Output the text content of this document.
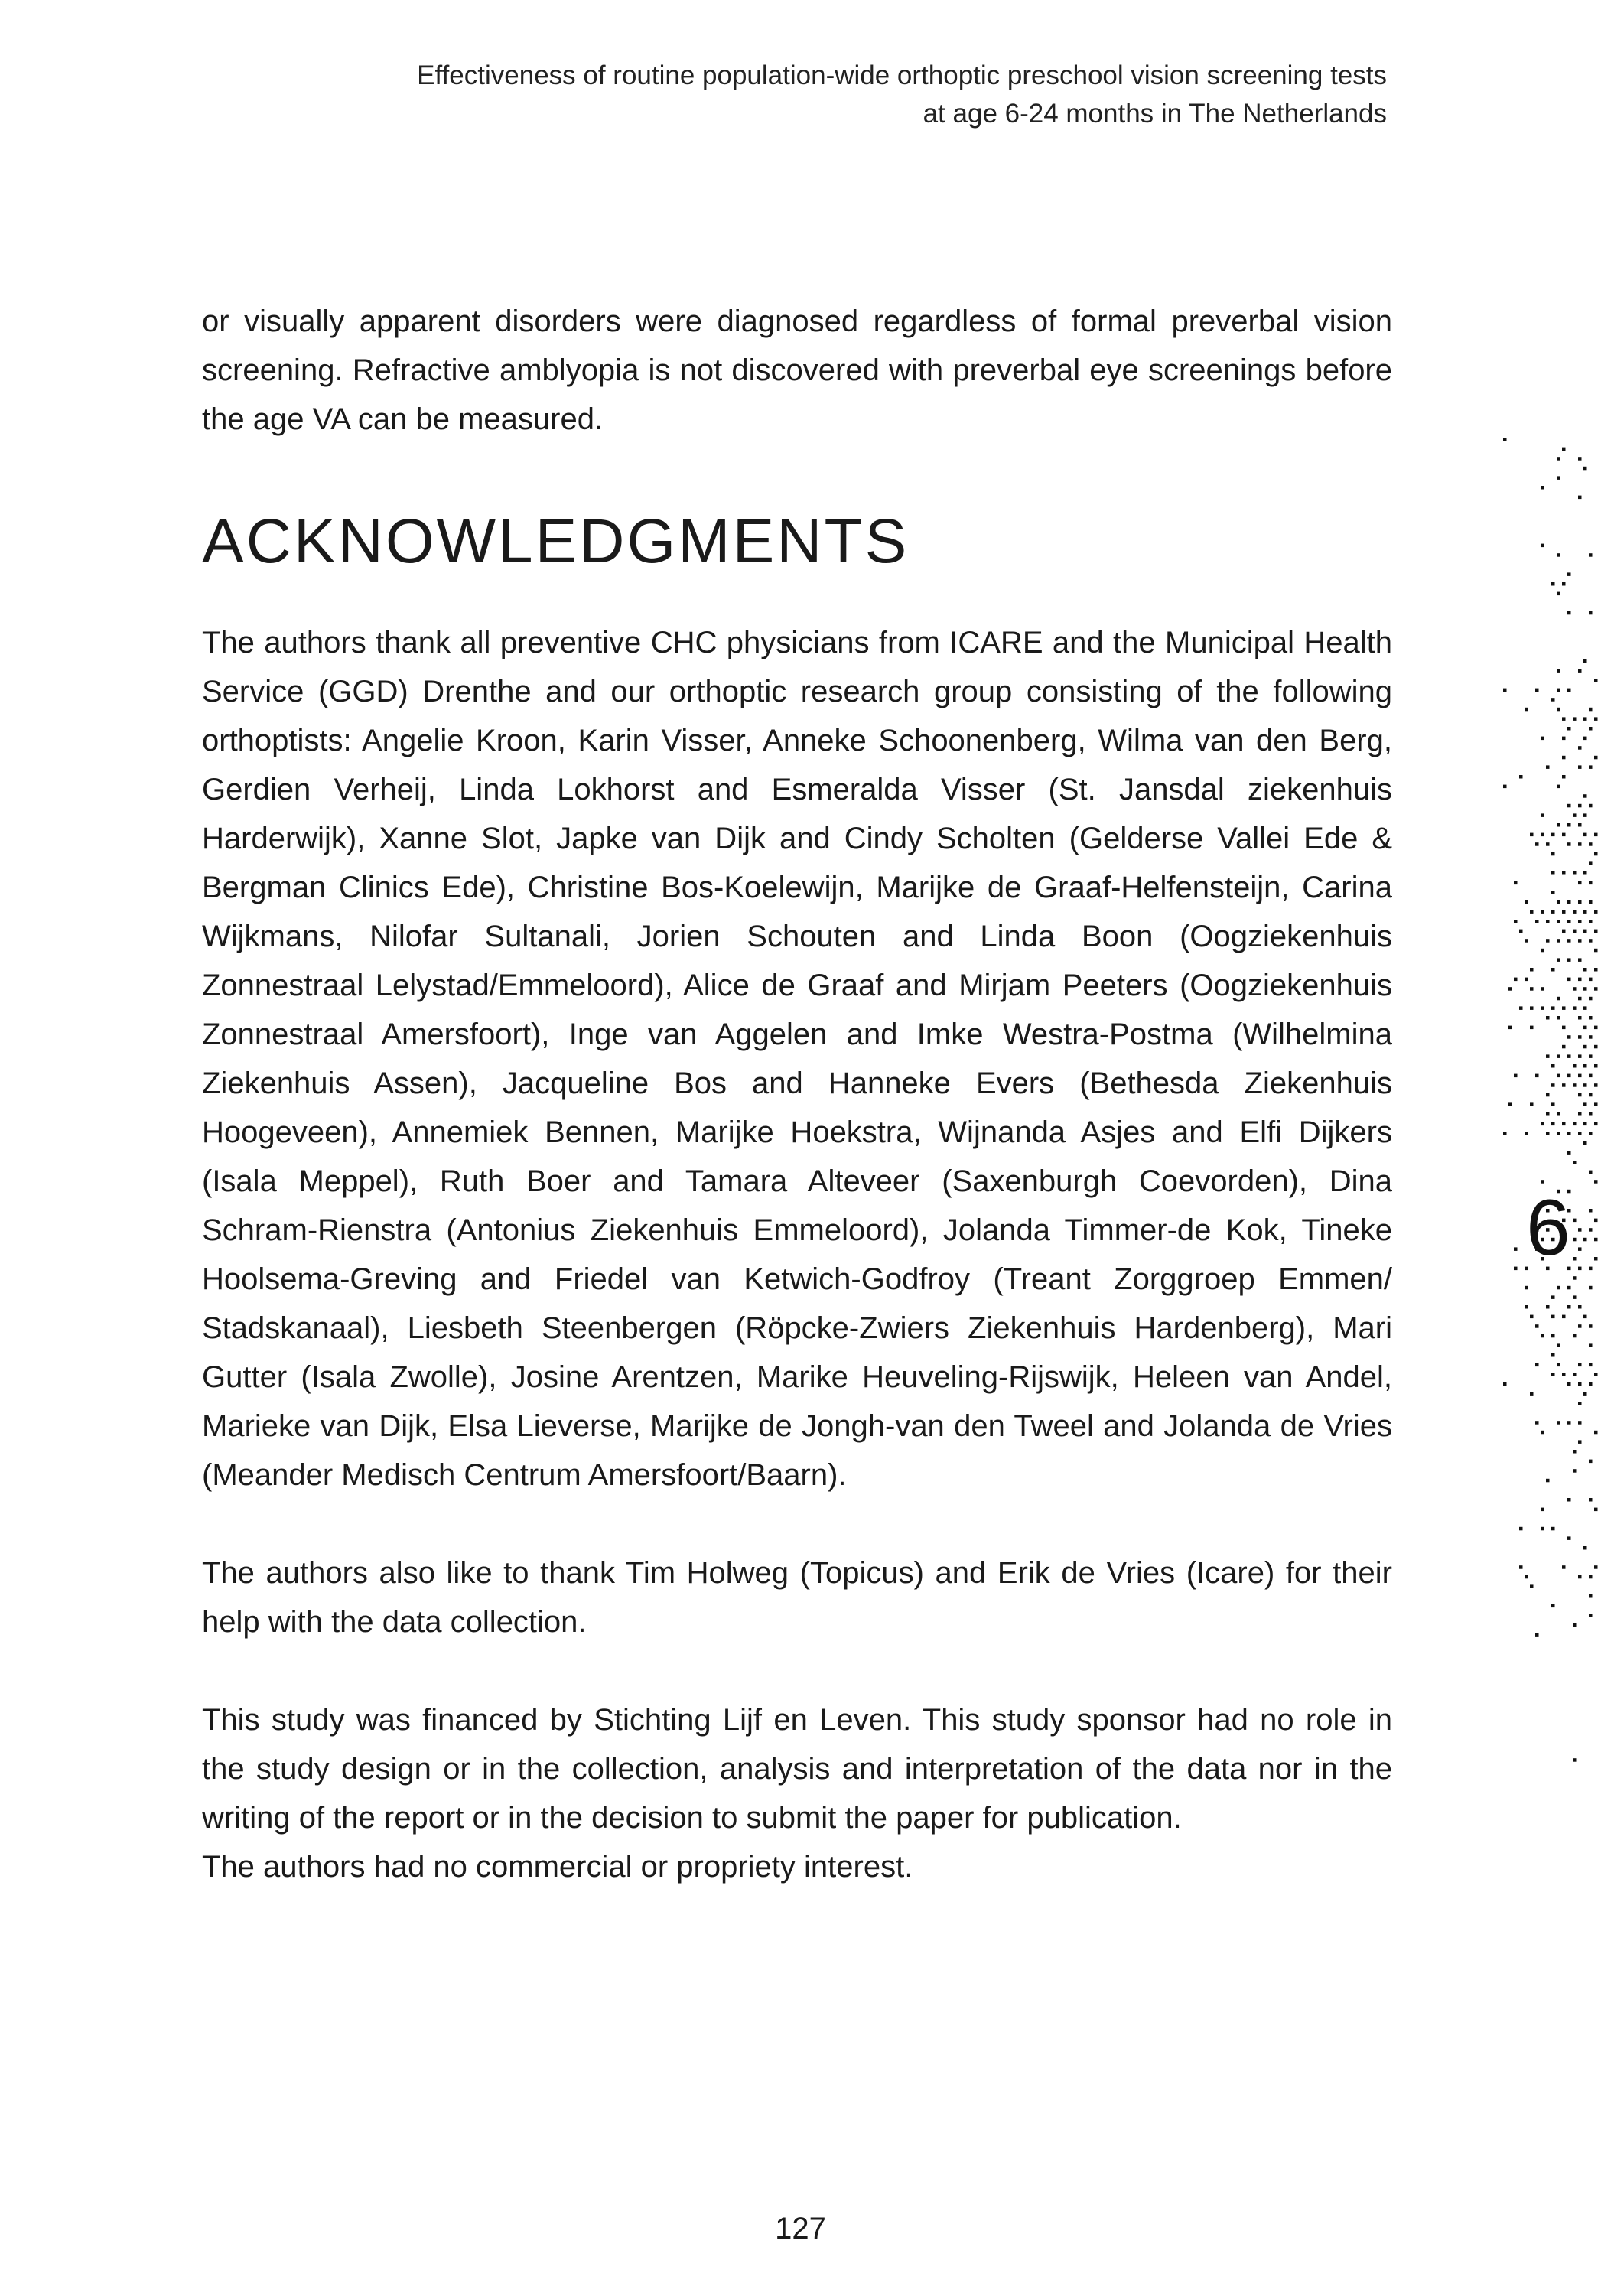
Effectiveness of routine population-wide orthoptic preschool vision screening tests
at age 6-24 months in The Netherlands

or visually apparent disorders were diagnosed regardless of formal preverbal vision screening. Refractive amblyopia is not discovered with preverbal eye screenings before the age VA can be measured.

ACKNOWLEDGMENTS

The authors thank all preventive CHC physicians from ICARE and the Municipal Health Service (GGD) Drenthe and our orthoptic research group consisting of the following orthoptists: Angelie Kroon, Karin Visser, Anneke Schoonenberg, Wilma van den Berg, Gerdien Verheij, Linda Lokhorst and Esmeralda Visser (St. Jansdal ziekenhuis Harderwijk), Xanne Slot, Japke van Dijk and Cindy Scholten (Gelderse Vallei Ede & Bergman Clinics Ede), Christine Bos-Koelewijn, Marijke de Graaf-Helfensteijn, Carina Wijkmans, Nilofar Sultanali, Jorien Schouten and Linda Boon (Oogziekenhuis Zonnestraal Lelystad/Emmeloord), Alice de Graaf and Mirjam Peeters (Oogziekenhuis Zonnestraal Amersfoort), Inge van Aggelen and Imke Westra-Postma (Wilhelmina Ziekenhuis Assen), Jacqueline Bos and Hanneke Evers (Bethesda Ziekenhuis Hoogeveen), Annemiek Bennen, Marijke Hoekstra, Wijnanda Asjes and Elfi Dijkers (Isala Meppel), Ruth Boer and Tamara Alteveer (Saxenburgh Coevorden), Dina Schram-Rienstra (Antonius Ziekenhuis Emmeloord), Jolanda Timmer-de Kok, Tineke Hoolsema-Greving and Friedel van Ketwich-Godfroy (Treant Zorggroep Emmen/ Stadskanaal), Liesbeth Steenbergen (Röpcke-Zwiers Ziekenhuis Hardenberg), Mari Gutter (Isala Zwolle), Josine Arentzen, Marike Heuveling-Rijswijk, Heleen van Andel, Marieke van Dijk, Elsa Lieverse, Marijke de Jongh-van den Tweel and Jolanda de Vries (Meander Medisch Centrum Amersfoort/Baarn).

The authors also like to thank Tim Holweg (Topicus) and Erik de Vries (Icare) for their help with the data collection.

This study was financed by Stichting Lijf en Leven. This study sponsor had no role in the study design or in the collection, analysis and interpretation of the data nor in the writing of the report or in the decision to submit the paper for publication.

The authors had no commercial or propriety interest.

6
127
